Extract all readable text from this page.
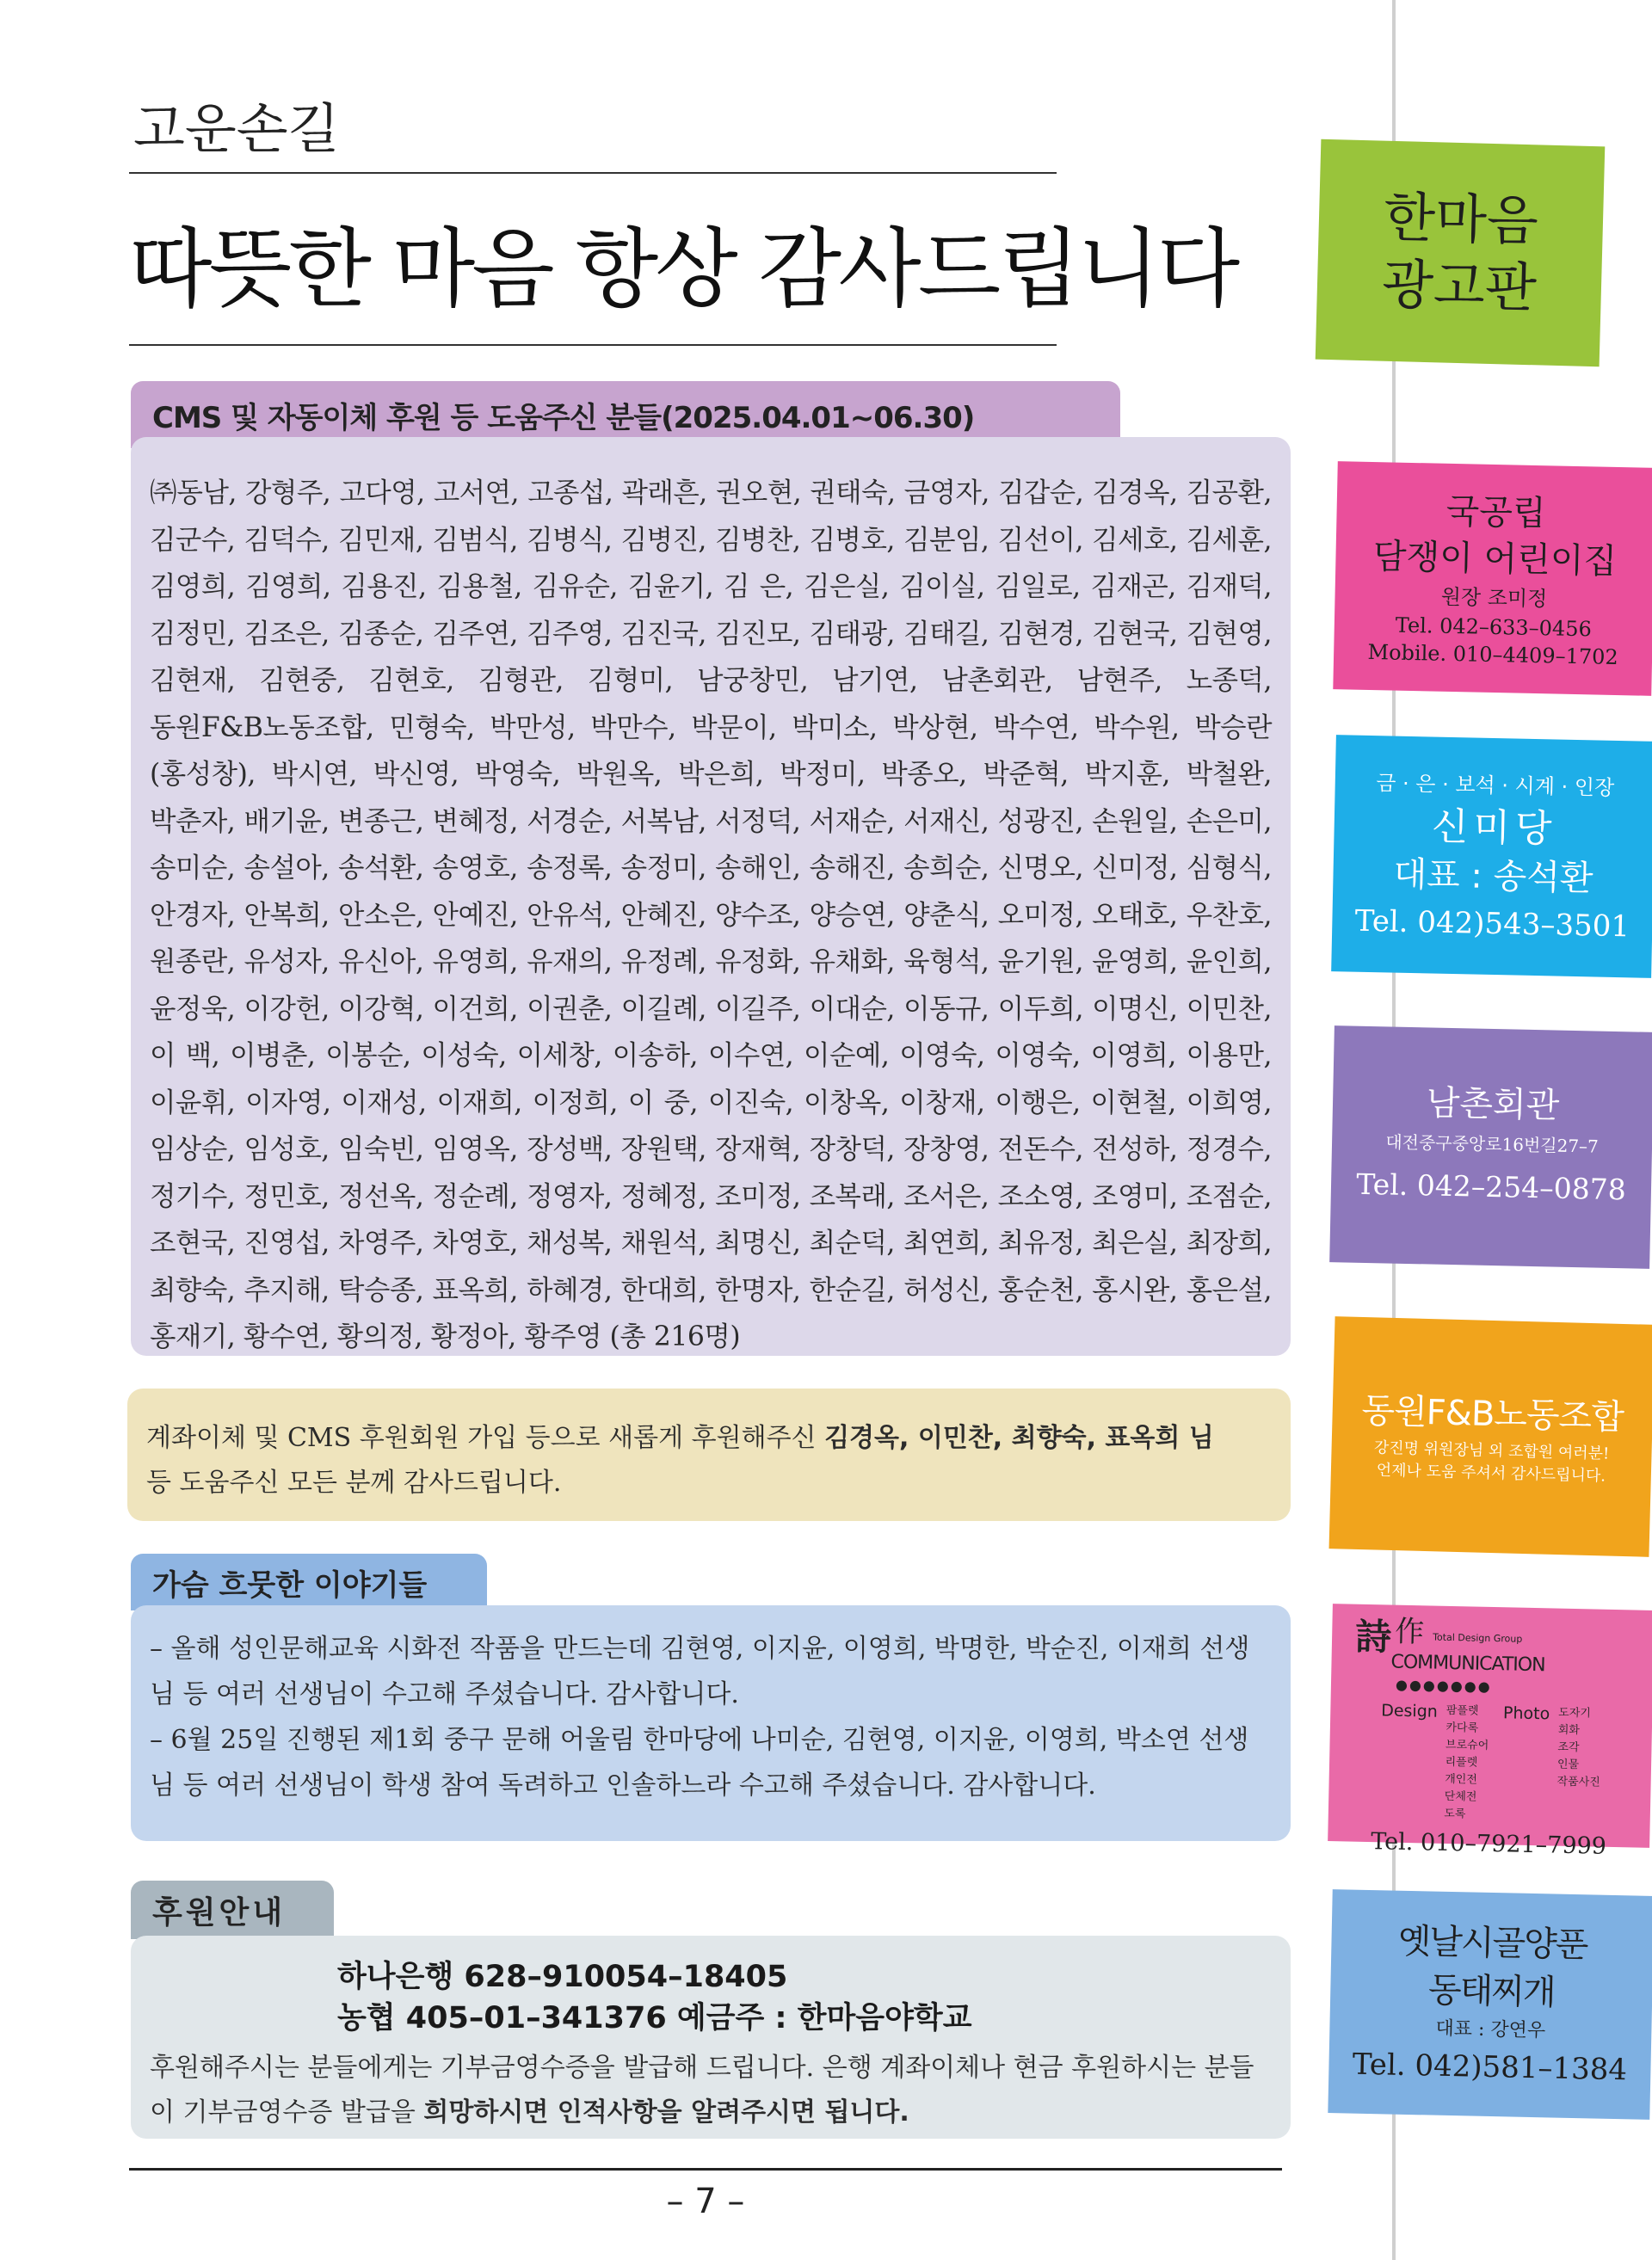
고운손길
따뜻한 마음 항상 감사드립니다
CMS 및 자동이체 후원 등 도움주신 분들(2025.04.01~06.30)

㈜동남, 강형주, 고다영, 고서연, 고종섭, 곽래흔, 권오현, 권태숙, 금영자, 김갑순, 김경옥, 김공환, 김군수, 김덕수, 김민재, 김범식, 김병식, 김병진, 김병찬, 김병호, 김분임, 김선이, 김세호, 김세훈, 김영희, 김영희, 김용진, 김용철, 김유순, 김윤기, 김 은, 김은실, 김이실, 김일로, 김재곤, 김재덕, 김정민, 김조은, 김종순, 김주연, 김주영, 김진국, 김진모, 김태광, 김태길, 김현경, 김현국, 김현영, 김현재, 김현중, 김현호, 김형관, 김형미, 남궁창민, 남기연, 남촌회관, 남현주, 노종덕, 동원F&B노동조합, 민형숙, 박만성, 박만수, 박문이, 박미소, 박상현, 박수연, 박수원, 박승란(홍성창), 박시연, 박신영, 박영숙, 박원옥, 박은희, 박정미, 박종오, 박준혁, 박지훈, 박철완, 박춘자, 배기윤, 변종근, 변혜정, 서경순, 서복남, 서정덕, 서재순, 서재신, 성광진, 손원일, 손은미, 송미순, 송설아, 송석환, 송영호, 송정록, 송정미, 송해인, 송해진, 송희순, 신명오, 신미정, 심형식, 안경자, 안복희, 안소은, 안예진, 안유석, 안혜진, 양수조, 양승연, 양춘식, 오미정, 오태호, 우찬호, 원종란, 유성자, 유신아, 유영희, 유재의, 유정례, 유정화, 유채화, 육형석, 윤기원, 윤영희, 윤인희, 윤정욱, 이강헌, 이강혁, 이건희, 이권춘, 이길례, 이길주, 이대순, 이동규, 이두희, 이명신, 이민찬, 이 백, 이병춘, 이봉순, 이성숙, 이세창, 이송하, 이수연, 이순예, 이영숙, 이영숙, 이영희, 이용만, 이윤휘, 이자영, 이재성, 이재희, 이정희, 이 중, 이진숙, 이창옥, 이창재, 이행은, 이현철, 이희영, 임상순, 임성호, 임숙빈, 임영옥, 장성백, 장원택, 장재혁, 장창덕, 장창영, 전돈수, 전성하, 정경수, 정기수, 정민호, 정선옥, 정순례, 정영자, 정혜정, 조미정, 조복래, 조서은, 조소영, 조영미, 조점순, 조현국, 진영섭, 차영주, 차영호, 채성복, 채원석, 최명신, 최순덕, 최연희, 최유정, 최은실, 최장희, 최향숙, 추지해, 탁승종, 표옥희, 하혜경, 한대희, 한명자, 한순길, 허성신, 홍순천, 홍시완, 홍은설, 홍재기, 황수연, 황의정, 황정아, 황주영 (총 216명)

계좌이체 및 CMS 후원회원 가입 등으로 새롭게 후원해주신 김경옥, 이민찬, 최향숙, 표옥희 님
등 도움주신 모든 분께 감사드립니다.
가슴 흐뭇한 이야기들

– 올해 성인문해교육 시화전 작품을 만드는데 김현영, 이지윤, 이영희, 박명한, 박순진, 이재희 선생님 등 여러 선생님이 수고해 주셨습니다. 감사합니다.

– 6월 25일 진행된 제1회 중구 문해 어울림 한마당에 나미순, 김현영, 이지윤, 이영희, 박소연 선생님 등 여러 선생님이 학생 참여 독려하고 인솔하느라 수고해 주셨습니다. 감사합니다.

후원안내
하나은행 628–910054–18405
농협 405–01–341376 예금주 : 한마음야학교

후원해주시는 분들에게는 기부금영수증을 발급해 드립니다. 은행 계좌이체나 현금 후원하시는 분들이 기부금영수증 발급을 희망하시면 인적사항을 알려주시면 됩니다.

– 7 –
한마음
광고판
국공립
담쟁이 어린이집
원장 조미정
Tel. 042–633–0456
Mobile. 010–4409–1702
금 · 은 · 보석 · 시계 · 인장
신미당
대표 : 송석환
Tel. 042)543–3501
남촌회관
대전중구중앙로16번길27–7
Tel. 042–254–0878
동원F&B노동조합
강진명 위원장님 외 조합원 여러분!
언제나 도움 주셔서 감사드립니다.
詩 作 Total Design Group
COMMUNICATION●●●●●●●
Design 팜플렛
카다록
브로슈어
리플렛
개인전
단체전
도록
Photo 도자기
회화
조각
인물
작품사진
Tel. 010–7921–7999
옛날시골양푼
동태찌개
대표 : 강연우
Tel. 042)581–1384
